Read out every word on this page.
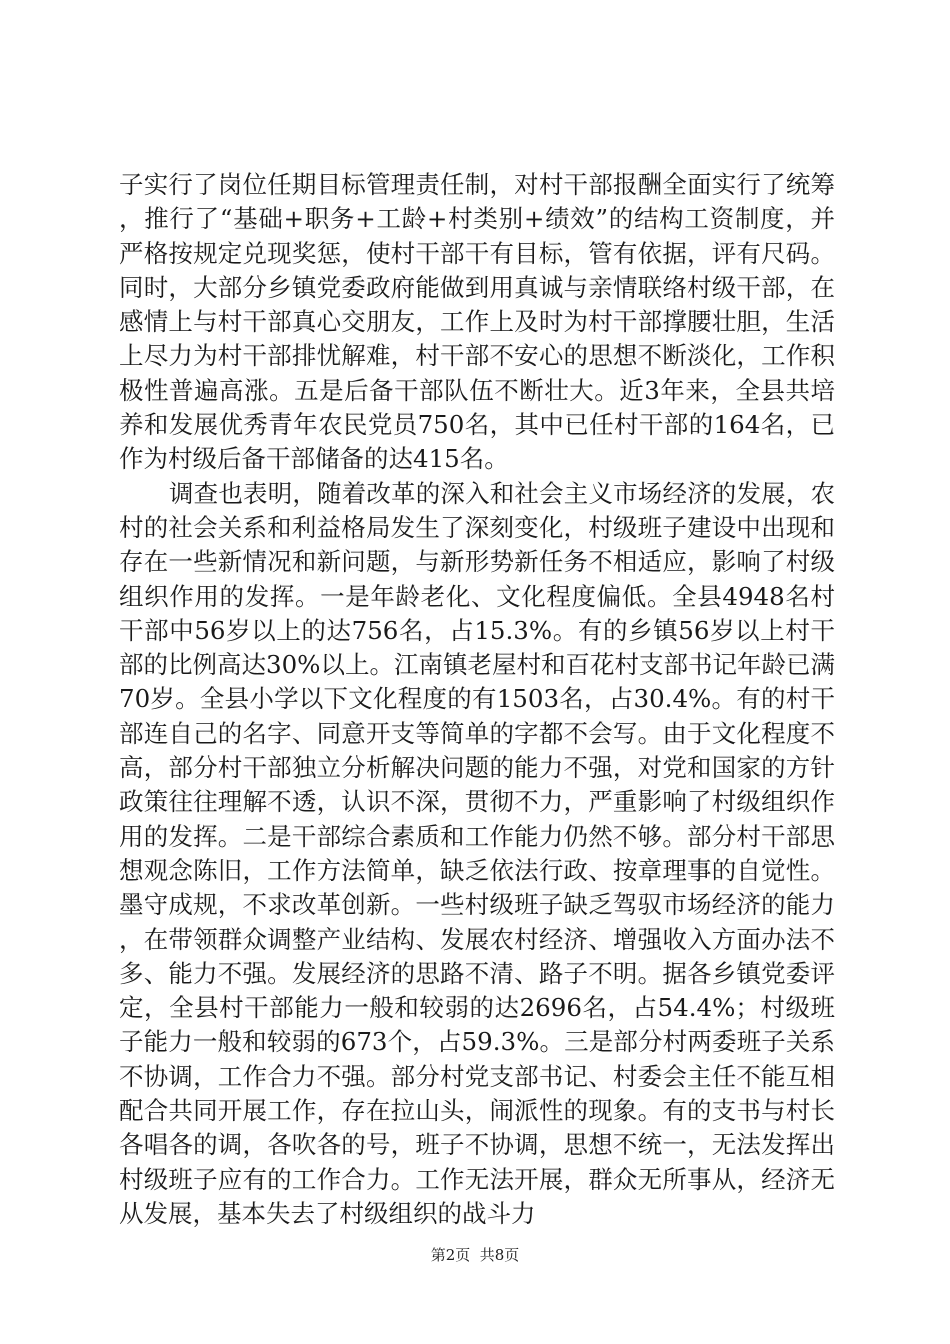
子实行了岗位任期目标管理责任制，对村干部报酬全面实行了统筹，推行了“基础+职务+工龄+村类别+绩效”的结构工资制度，并严格按规定兑现奖惩，使村干部干有目标，管有依据，评有尺码。同时，大部分乡镇党委政府能做到用真诚与亲情联络村级干部，在感情上与村干部真心交朋友，工作上及时为村干部撑腰壮胆，生活上尽力为村干部排忧解难，村干部不安心的思想不断淡化，工作积极性普遍高涨。五是后备干部队伍不断壮大。近3年来，全县共培养和发展优秀青年农民党员750名，其中已任村干部的164名，已作为村级后备干部储备的达415名。

调查也表明，随着改革的深入和社会主义市场经济的发展，农村的社会关系和利益格局发生了深刻变化，村级班子建设中出现和存在一些新情况和新问题，与新形势新任务不相适应，影响了村级组织作用的发挥。一是年龄老化、文化程度偏低。全县4948名村干部中56岁以上的达756名，占15.3%。有的乡镇56岁以上村干部的比例高达30%以上。江南镇老屋村和百花村支部书记年龄已满70岁。全县小学以下文化程度的有1503名，占30.4%。有的村干部连自己的名字、同意开支等简单的字都不会写。由于文化程度不高，部分村干部独立分析解决问题的能力不强，对党和国家的方针政策往往理解不透，认识不深，贯彻不力，严重影响了村级组织作用的发挥。二是干部综合素质和工作能力仍然不够。部分村干部思想观念陈旧，工作方法简单，缺乏依法行政、按章理事的自觉性。墨守成规，不求改革创新。一些村级班子缺乏驾驭市场经济的能力，在带领群众调整产业结构、发展农村经济、增强收入方面办法不多、能力不强。发展经济的思路不清、路子不明。据各乡镇党委评定，全县村干部能力一般和较弱的达2696名，占54.4%；村级班子能力一般和较弱的673个，占59.3%。三是部分村两委班子关系不协调，工作合力不强。部分村党支部书记、村委会主任不能互相配合共同开展工作，存在拉山头，闹派性的现象。有的支书与村长各唱各的调，各吹各的号，班子不协调，思想不统一，无法发挥出村级班子应有的工作合力。工作无法开展，群众无所事从，经济无从发展，基本失去了村级组织的战斗力

第2页  共8页
